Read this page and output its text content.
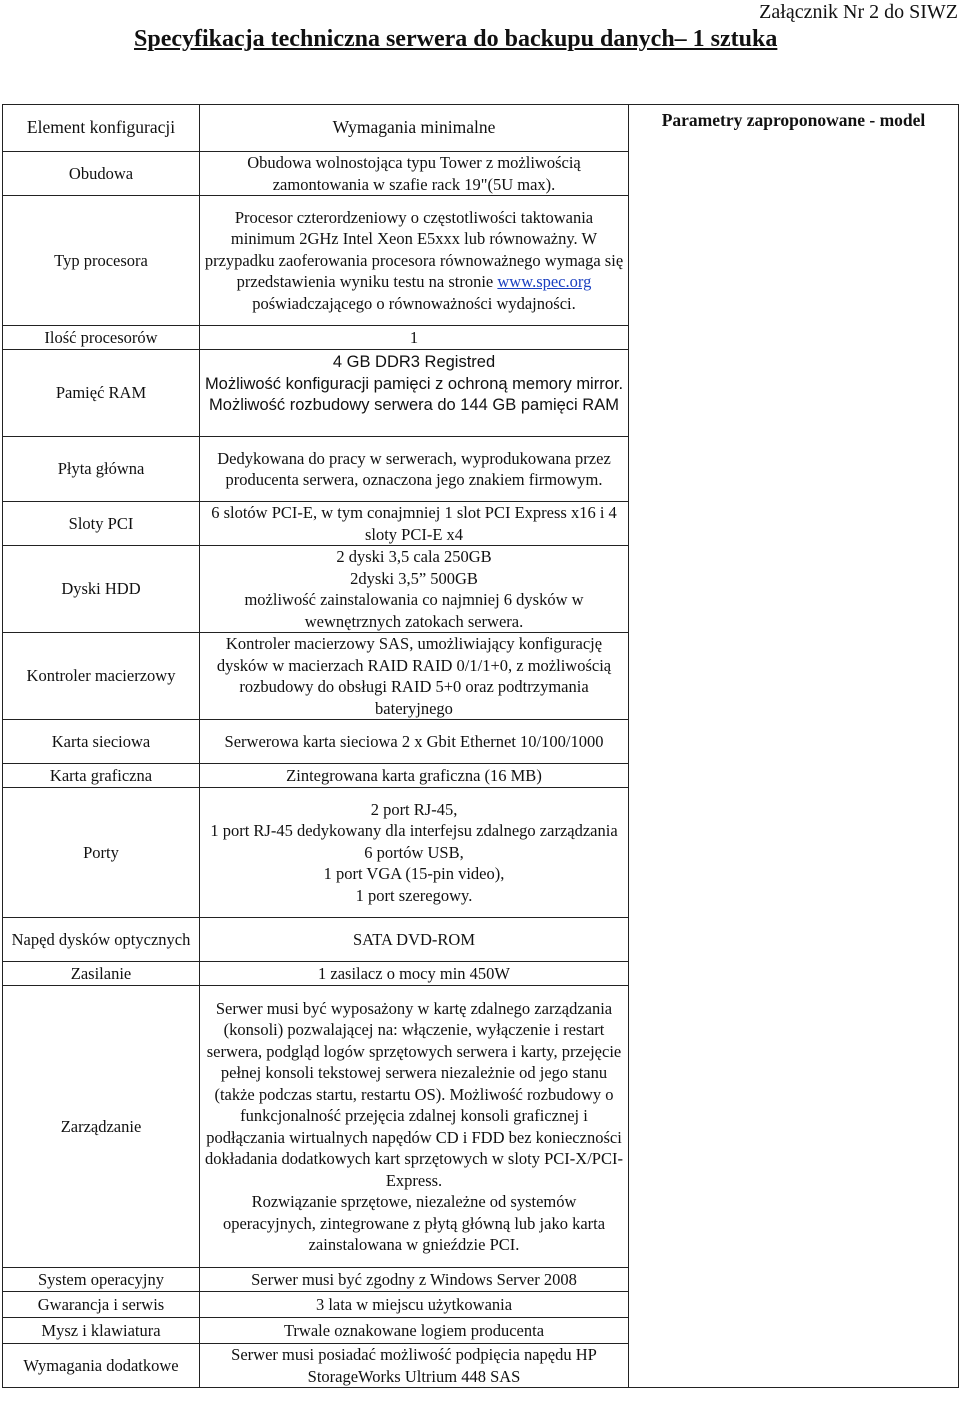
Załącznik Nr 2 do SIWZ
Specyfikacja techniczna serwera do backupu danych– 1 sztuka
Element konfiguracji	Wymagania minimalne	Parametry zaproponowane - model
Obudowa	Obudowa wolnostojąca typu Tower z możliwością zamontowania w szafie rack 19"(5U max).	
Typ procesora	Procesor czterordzeniowy o częstotliwości taktowania minimum 2GHz Intel Xeon E5xxx lub równoważny. W przypadku zaoferowania procesora równoważnego wymaga się przedstawienia wyniku testu na stronie www.spec.org poświadczającego o równoważności wydajności.	
Ilość procesorów	1	
Pamięć RAM	4 GB DDR3 Registred
Możliwość konfiguracji pamięci z ochroną memory mirror.
Możliwość rozbudowy serwera do 144 GB pamięci RAM	

Płyta główna	Dedykowana do pracy w serwerach, wyprodukowana przez producenta serwera, oznaczona jego znakiem firmowym.	
Sloty PCI	6 slotów PCI-E, w tym conajmniej 1 slot PCI Express x16 i 4 sloty PCI-E x4	
Dyski HDD	2 dyski 3,5 cala 250GB
2dyski 3,5” 500GB
możliwość zainstalowania co najmniej 6 dysków w wewnętrznych zatokach serwera.	

Kontroler macierzowy	Kontroler macierzowy SAS, umożliwiający konfigurację dysków w macierzach RAID RAID 0/1/1+0, z możliwością rozbudowy do obsługi RAID 5+0 oraz podtrzymania bateryjnego	
Karta sieciowa	Serwerowa karta sieciowa 2 x Gbit Ethernet 10/100/1000	
Karta graficzna	Zintegrowana karta graficzna (16 MB)	
Porty	2 port RJ-45,
1 port RJ-45 dedykowany dla interfejsu zdalnego zarządzania
6 portów USB,
1 port VGA (15-pin video),
1 port szeregowy.	

Napęd dysków optycznych	SATA DVD-ROM	
Zasilanie	1 zasilacz o mocy min 450W	
Zarządzanie	Serwer musi być wyposażony w kartę zdalnego zarządzania (konsoli) pozwalającej na: włączenie, wyłączenie i restart serwera, podgląd logów sprzętowych serwera i karty, przejęcie pełnej konsoli tekstowej serwera niezależnie od jego stanu (także podczas startu, restartu OS). Możliwość rozbudowy o funkcjonalność przejęcia zdalnej konsoli graficznej i podłączania wirtualnych napędów CD i FDD bez konieczności dokładania dodatkowych kart sprzętowych w sloty PCI-X/PCI-Express.
Rozwiązanie sprzętowe, niezależne od systemów operacyjnych, zintegrowane z płytą główną lub jako karta zainstalowana w gnieździe PCI.	

System operacyjny	Serwer musi być zgodny z Windows Server 2008	
Gwarancja i serwis	3 lata w miejscu użytkowania	
Mysz i klawiatura	Trwale oznakowane logiem producenta	
Wymagania dodatkowe	Serwer musi posiadać możliwość podpięcia napędu HP StorageWorks Ultrium 448 SAS	
